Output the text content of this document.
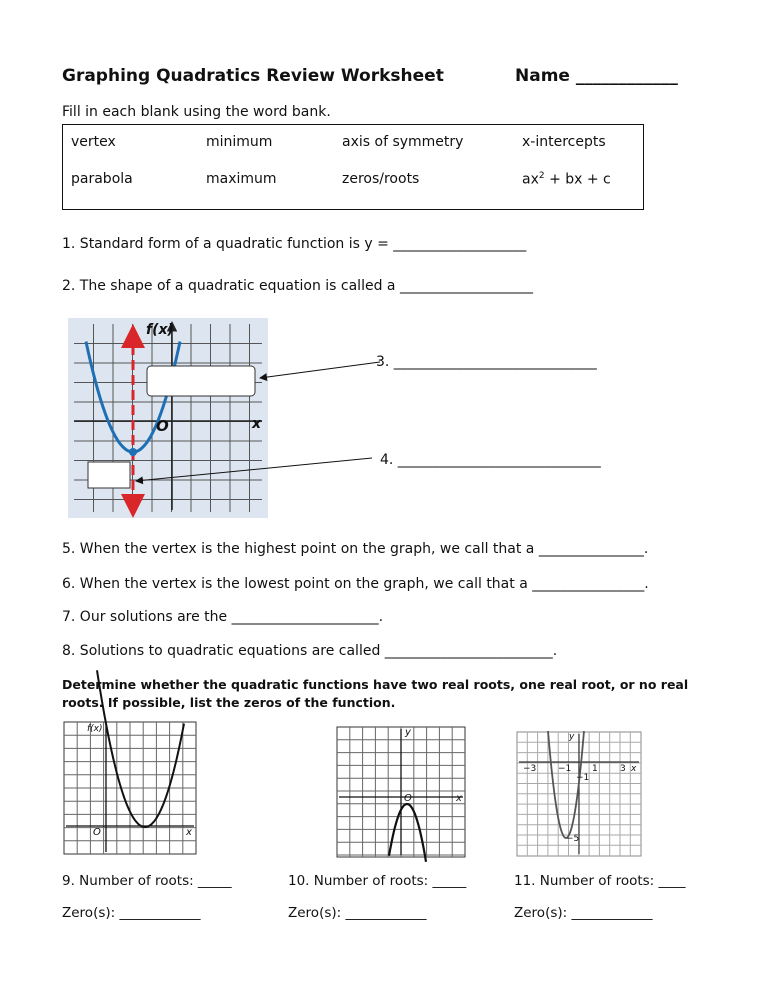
Graphing Quadratics Review Worksheet	Name ____________
Fill in each blank using the word bank.
vertex	minimum	axis of symmetry	x-intercepts
parabola	maximum	zeros/roots	$ax^2$ + bx + c
1. Standard form of a quadratic function is y = ___________________
2. The shape of a quadratic equation is called a ___________________
f(x)
O	x
f(x)
O	x
y
O	x
y
−3 −1
−1
1 3 x
−5
3. _____________________________
4. _____________________________
5. When the vertex is the highest point on the graph, we call that a _______________.
6. When the vertex is the lowest point on the graph, we call that a ________________.
7. Our solutions are the _____________________.
8. Solutions to quadratic equations are called ________________________.
Determine whether the quadratic functions have two real roots, one real root, or no real
roots. If possible, list the zeros of the function.
9. Number of roots: _____	10. Number of roots: _____	11. Number of roots: ____
Zero(s): ____________	Zero(s): ____________	Zero(s): ____________
